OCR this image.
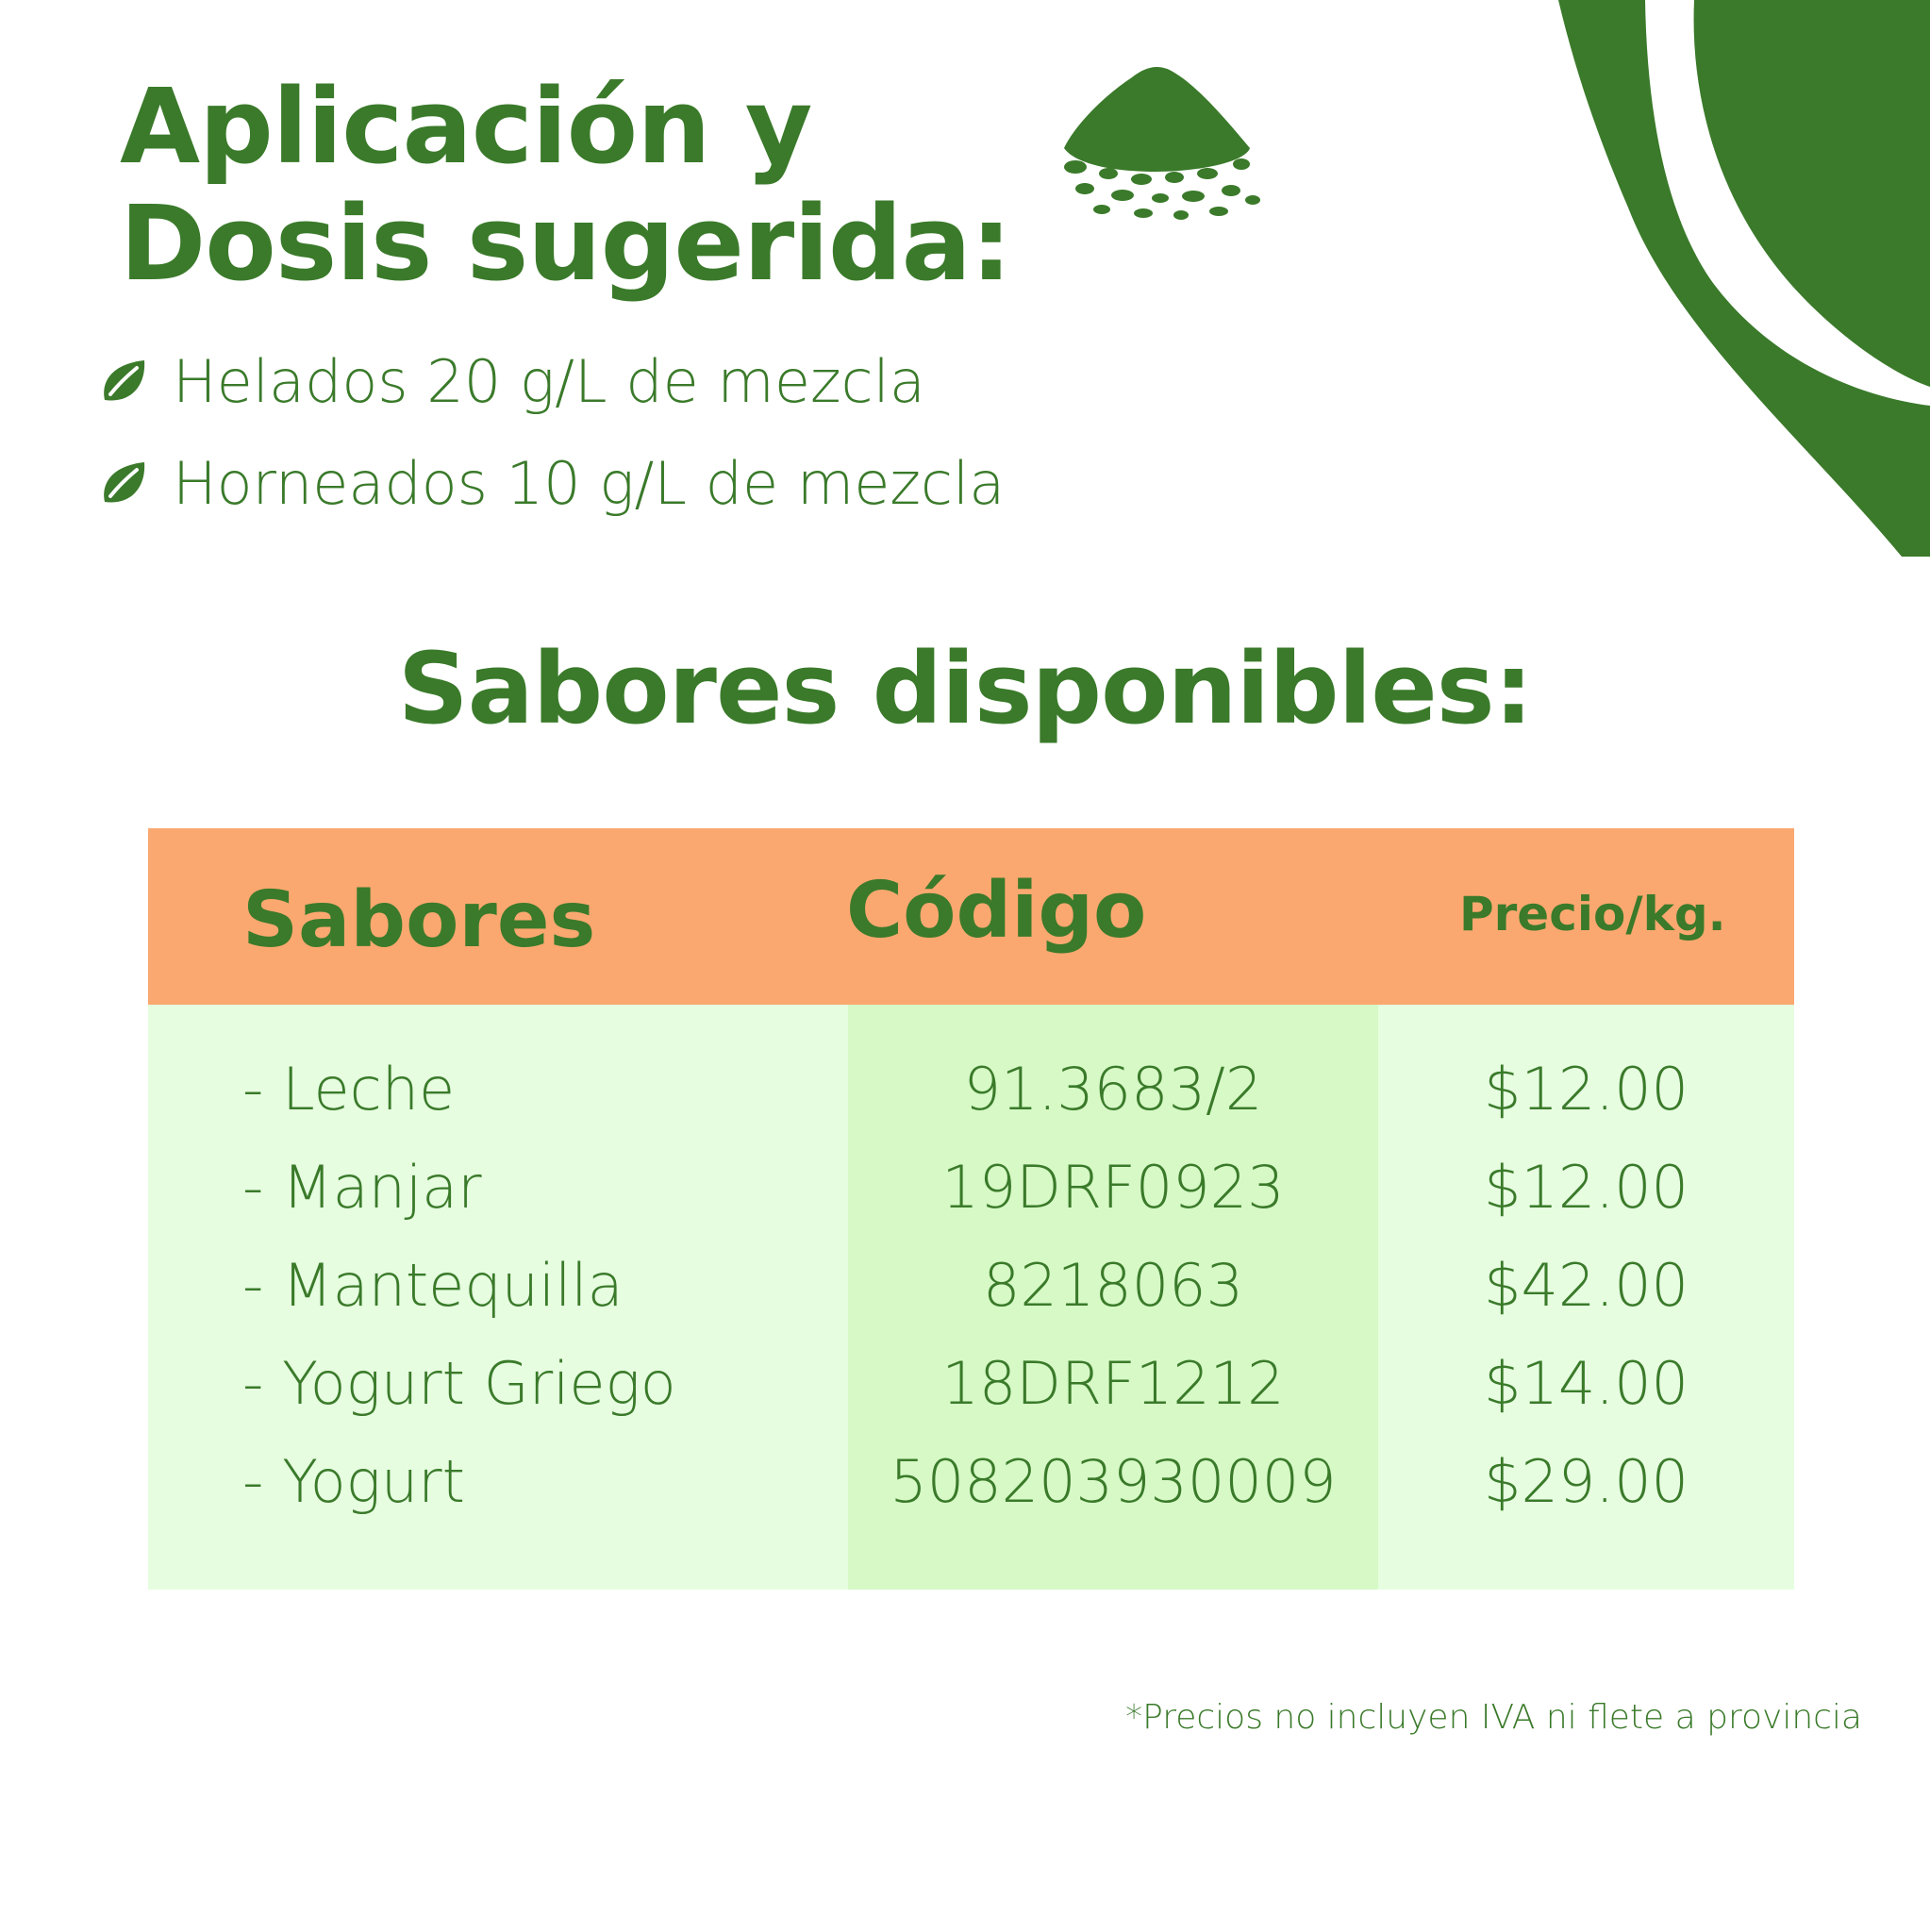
Aplicación y
Dosis sugerida:
Helados 20 g/L de mezcla
Horneados 10 g/L de mezcla
Sabores disponibles:
Sabores	Código	Precio/kg.
- Leche	91.3683/2	$12.00
- Manjar	19DRF0923	$12.00
- Mantequilla	8218063	$42.00
- Yogurt Griego	18DRF1212	$14.00
- Yogurt	508203930009	$29.00

*Precios no incluyen IVA ni flete a provincia
